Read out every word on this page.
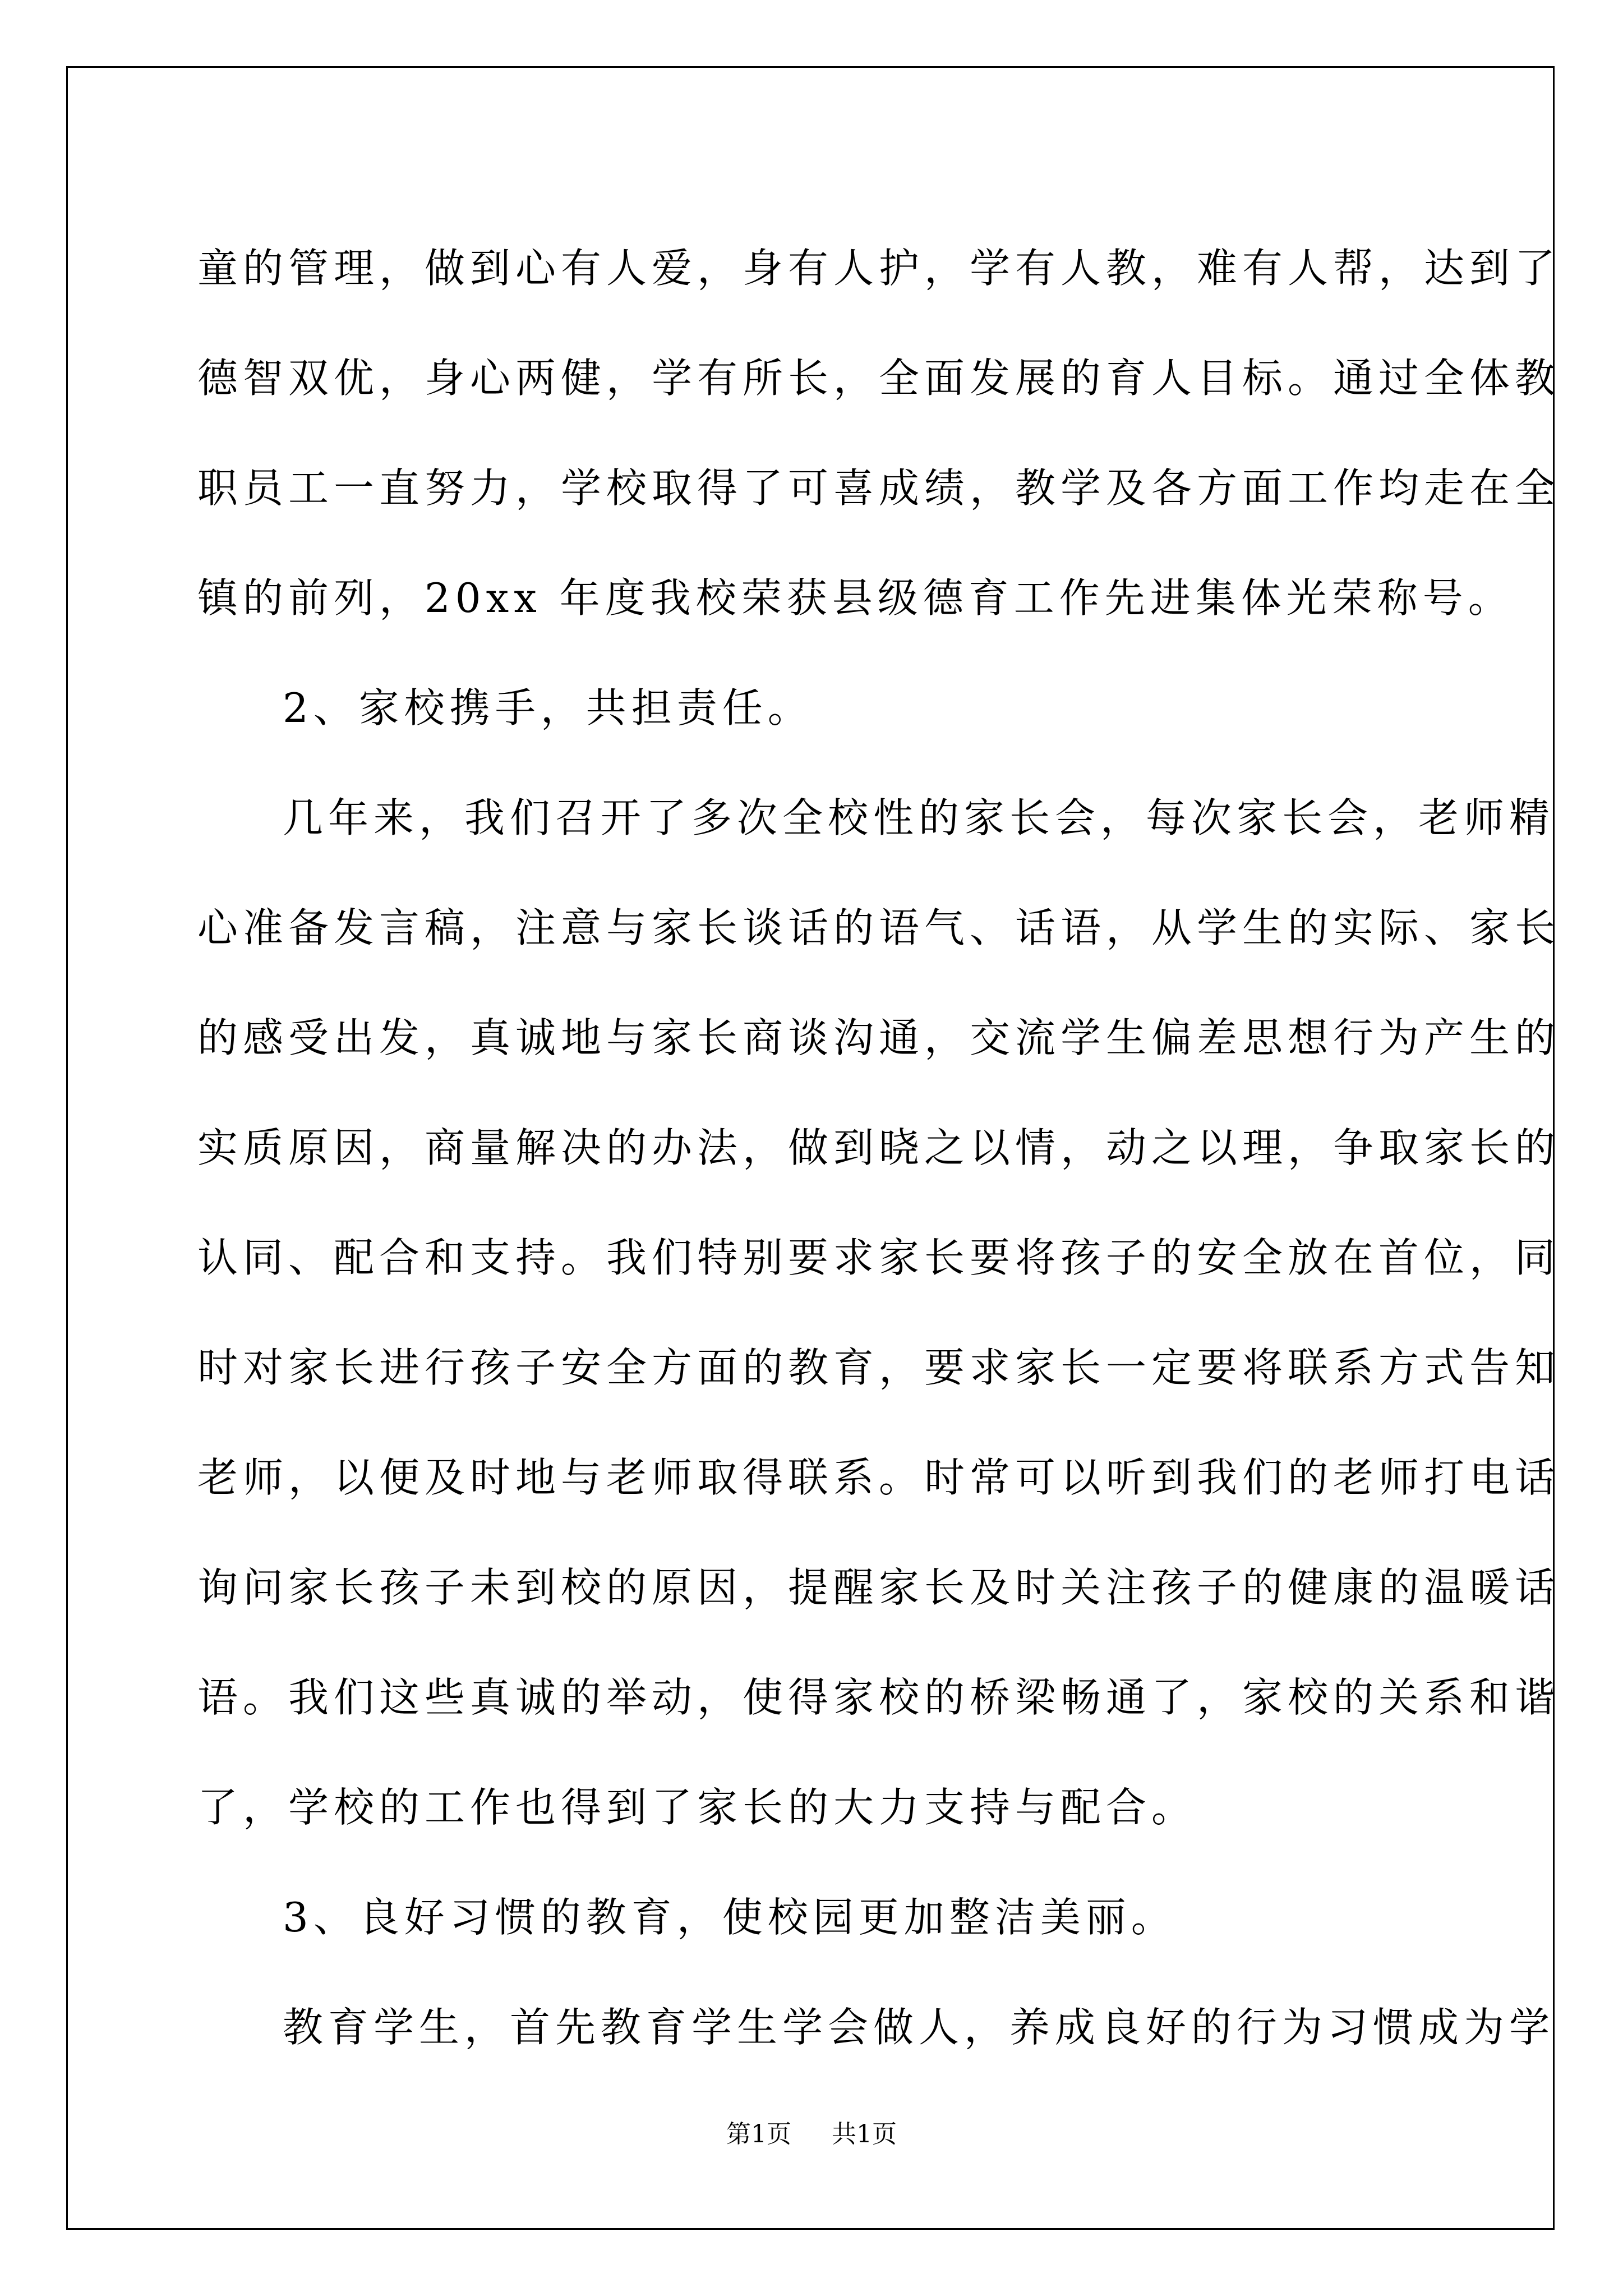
童的管理，做到心有人爱，身有人护，学有人教，难有人帮，达到了
德智双优，身心两健，学有所长，全面发展的育人目标。通过全体教
职员工一直努力，学校取得了可喜成绩，教学及各方面工作均走在全
镇的前列，20xx 年度我校荣获县级德育工作先进集体光荣称号。
2、家校携手，共担责任。
几年来，我们召开了多次全校性的家长会，每次家长会，老师精
心准备发言稿，注意与家长谈话的语气、话语，从学生的实际、家长
的感受出发，真诚地与家长商谈沟通，交流学生偏差思想行为产生的
实质原因，商量解决的办法，做到晓之以情，动之以理，争取家长的
认同、配合和支持。我们特别要求家长要将孩子的安全放在首位，同
时对家长进行孩子安全方面的教育，要求家长一定要将联系方式告知
老师，以便及时地与老师取得联系。时常可以听到我们的老师打电话
询问家长孩子未到校的原因，提醒家长及时关注孩子的健康的温暖话
语。我们这些真诚的举动，使得家校的桥梁畅通了，家校的关系和谐
了，学校的工作也得到了家长的大力支持与配合。
3、良好习惯的教育，使校园更加整洁美丽。
教育学生，首先教育学生学会做人，养成良好的行为习惯成为学
第1页 共1页
